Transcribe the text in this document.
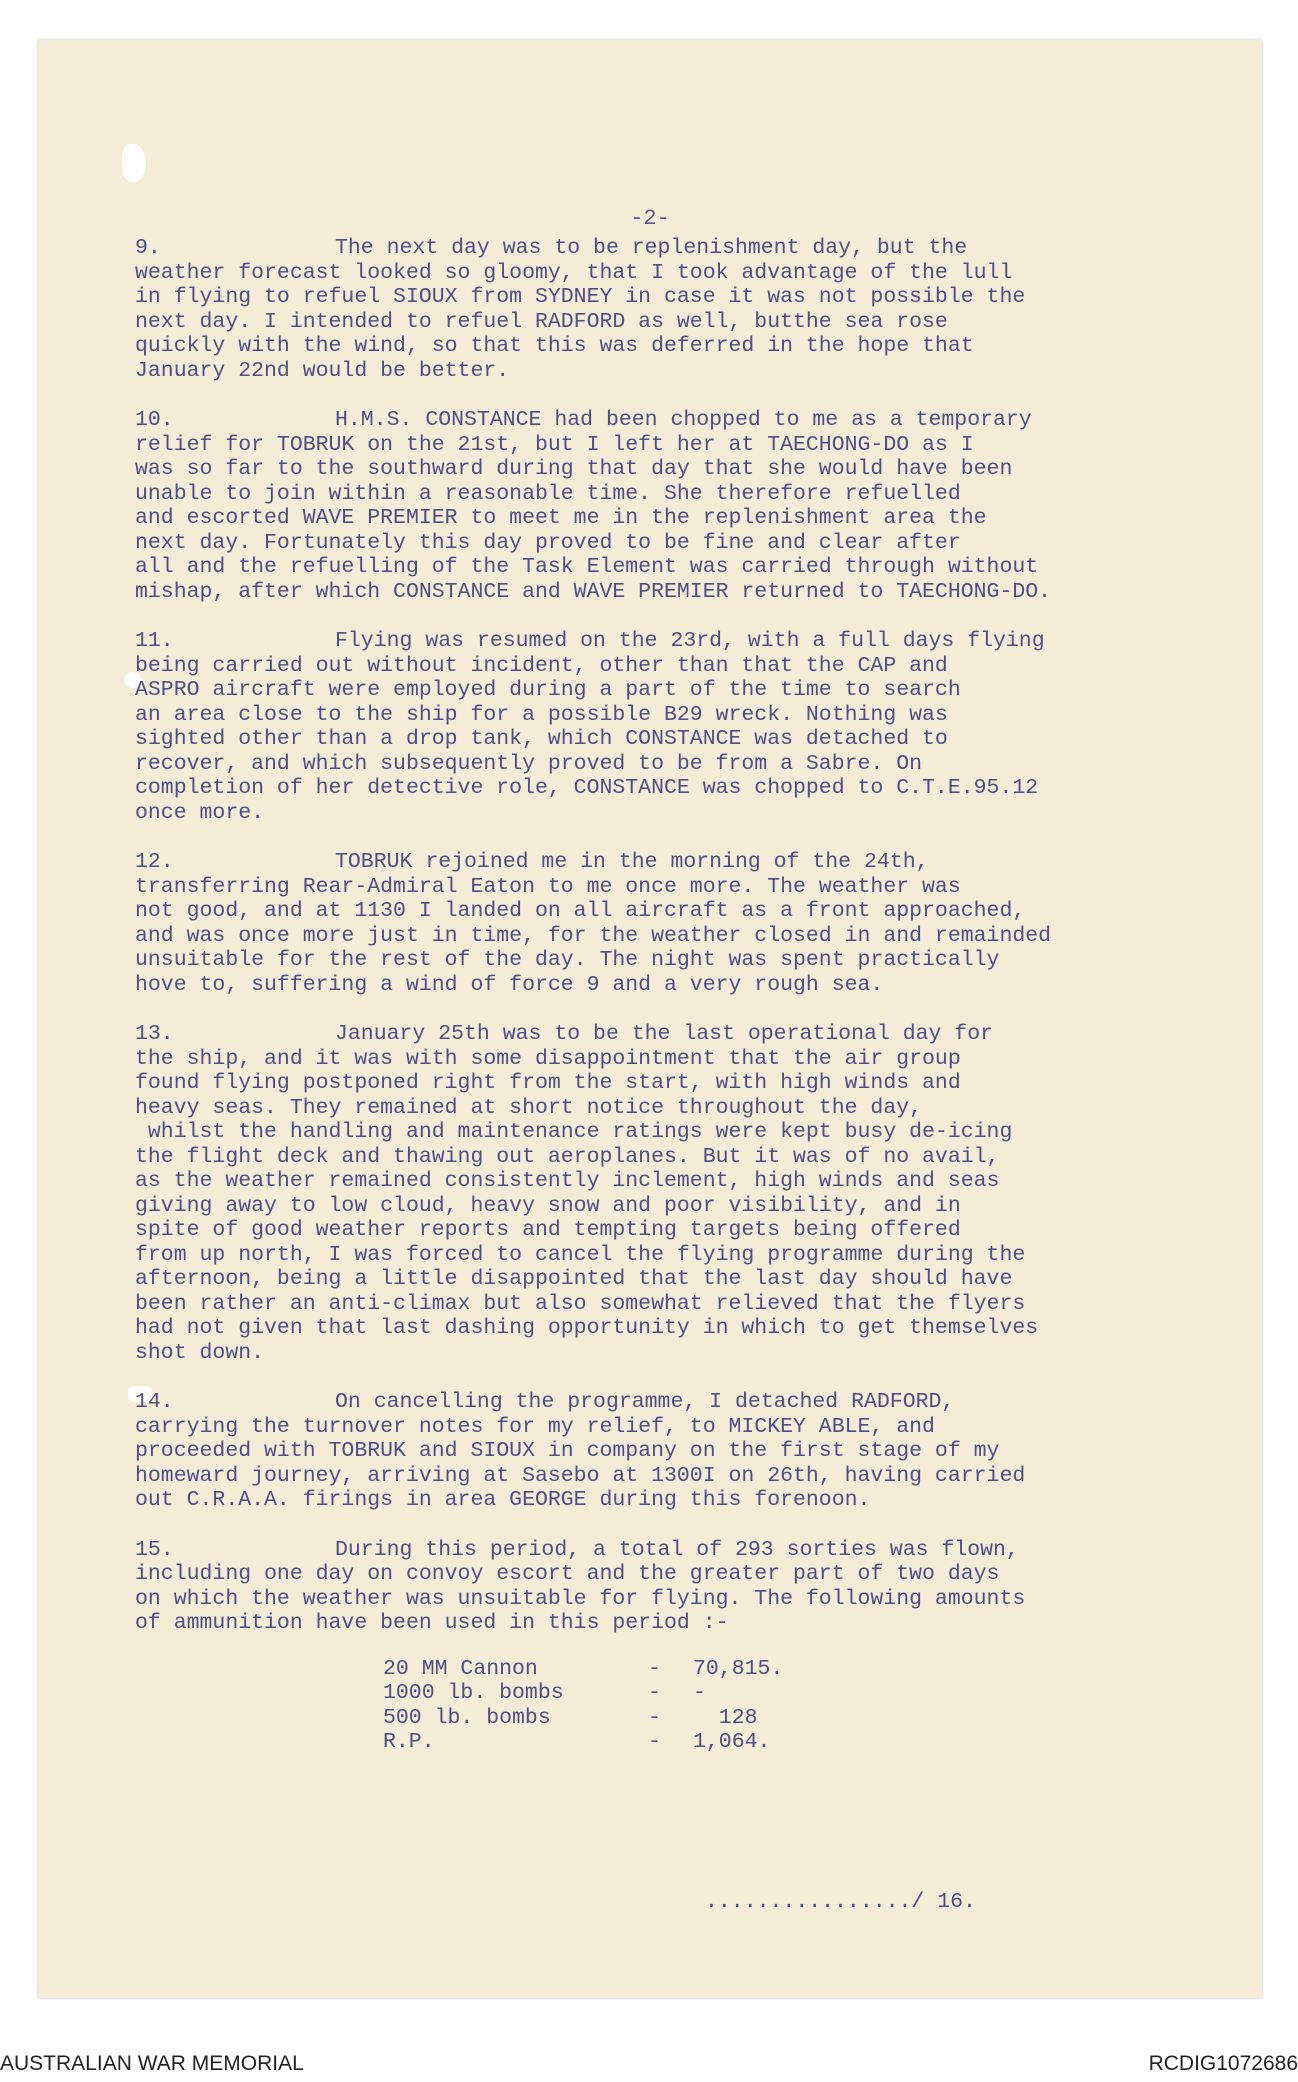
-2-
9.	The next day was to be replenishment day, but the
weather forecast looked so gloomy, that I took advantage of the lull
in flying to refuel SIOUX from SYDNEY in case it was not possible the
next day. I intended to refuel RADFORD as well, butthe sea rose
quickly with the wind, so that this was deferred in the hope that
January 22nd would be better.
10.	H.M.S. CONSTANCE had been chopped to me as a temporary
relief for TOBRUK on the 21st, but I left her at TAECHONG-DO as I
was so far to the southward during that day that she would have been
unable to join within a reasonable time. She therefore refuelled
and escorted WAVE PREMIER to meet me in the replenishment area the
next day. Fortunately this day proved to be fine and clear after
all and the refuelling of the Task Element was carried through without
mishap, after which CONSTANCE and WAVE PREMIER returned to TAECHONG-DO.
11.	Flying was resumed on the 23rd, with a full days flying
being carried out without incident, other than that the CAP and
ASPRO aircraft were employed during a part of the time to search
an area close to the ship for a possible B29 wreck. Nothing was
sighted other than a drop tank, which CONSTANCE was detached to
recover, and which subsequently proved to be from a Sabre. On
completion of her detective role, CONSTANCE was chopped to C.T.E.95.12
once more.
12.	TOBRUK rejoined me in the morning of the 24th,
transferring Rear-Admiral Eaton to me once more. The weather was
not good, and at 1130 I landed on all aircraft as a front approached,
and was once more just in time, for the weather closed in and remainded
unsuitable for the rest of the day. The night was spent practically
hove to, suffering a wind of force 9 and a very rough sea.
13.	January 25th was to be the last operational day for
the ship, and it was with some disappointment that the air group
found flying postponed right from the start, with high winds and
heavy seas. They remained at short notice throughout the day,
whilst the handling and maintenance ratings were kept busy de-icing
the flight deck and thawing out aeroplanes. But it was of no avail,
as the weather remained consistently inclement, high winds and seas
giving away to low cloud, heavy snow and poor visibility, and in
spite of good weather reports and tempting targets being offered
from up north, I was forced to cancel the flying programme during the
afternoon, being a little disappointed that the last day should have
been rather an anti-climax but also somewhat relieved that the flyers
had not given that last dashing opportunity in which to get themselves
shot down.
14.	On cancelling the programme, I detached RADFORD,
carrying the turnover notes for my relief, to MICKEY ABLE, and
proceeded with TOBRUK and SIOUX in company on the first stage of my
homeward journey, arriving at Sasebo at 1300I on 26th, having carried
out C.R.A.A. firings in area GEORGE during this forenoon.
15.	During this period, a total of 293 sorties was flown,
including one day on convoy escort and the greater part of two days
on which the weather was unsuitable for flying. The following amounts
of ammunition have been used in this period :-
20 MM Cannon	-	70,815.
1000 lb. bombs	-	-
500 lb. bombs	-	128
R.P.	-	1,064.
................/ 16.
AUSTRALIAN WAR MEMORIAL	RCDIG1072686
